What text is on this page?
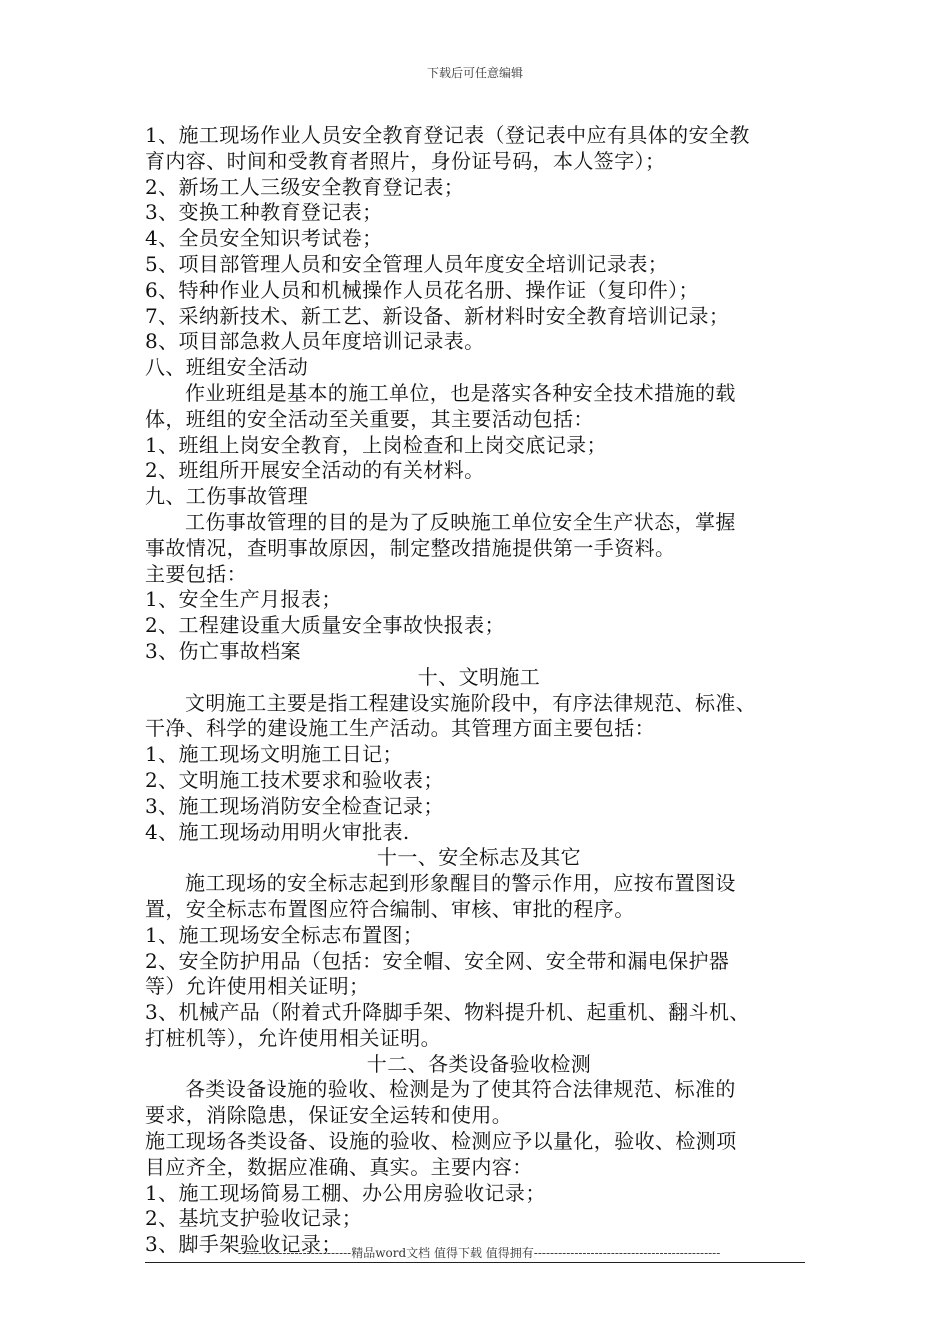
下载后可任意编辑
1、施工现场作业人员安全教育登记表（登记表中应有具体的安全教
育内容、时间和受教育者照片，身份证号码，本人签字）；
2、新场工人三级安全教育登记表；
3、变换工种教育登记表；
4、全员安全知识考试卷；
5、项目部管理人员和安全管理人员年度安全培训记录表；
6、特种作业人员和机械操作人员花名册、操作证（复印件）；
7、采纳新技术、新工艺、新设备、新材料时安全教育培训记录；
8、项目部急救人员年度培训记录表。
八、班组安全活动
作业班组是基本的施工单位，也是落实各种安全技术措施的载
体，班组的安全活动至关重要，其主要活动包括：
1、班组上岗安全教育，上岗检查和上岗交底记录；
2、班组所开展安全活动的有关材料。
九、工伤事故管理
工伤事故管理的目的是为了反映施工单位安全生产状态，掌握
事故情况，查明事故原因，制定整改措施提供第一手资料。
主要包括：
1、安全生产月报表；
2、工程建设重大质量安全事故快报表；
3、伤亡事故档案
十、文明施工
文明施工主要是指工程建设实施阶段中，有序法律规范、标准、
干净、科学的建设施工生产活动。其管理方面主要包括：
1、施工现场文明施工日记；
2、文明施工技术要求和验收表；
3、施工现场消防安全检查记录；
4、施工现场动用明火审批表.
十一、安全标志及其它
施工现场的安全标志起到形象醒目的警示作用，应按布置图设
置，安全标志布置图应符合编制、审核、审批的程序。
1、施工现场安全标志布置图；
2、安全防护用品（包括：安全帽、安全网、安全带和漏电保护器
等）允许使用相关证明；
3、机械产品（附着式升降脚手架、物料提升机、起重机、翻斗机、
打桩机等），允许使用相关证明。
十二、各类设备验收检测
各类设备设施的验收、检测是为了使其符合法律规范、标准的
要求，消除隐患，保证安全运转和使用。
施工现场各类设备、设施的验收、检测应予以量化，验收、检测项
目应齐全，数据应准确、真实。主要内容：
1、施工现场简易工棚、办公用房验收记录；
2、基坑支护验收记录；
3、脚手架验收记录；
----------------------------精品word文档 值得下载 值得拥有----------------------------------------------
